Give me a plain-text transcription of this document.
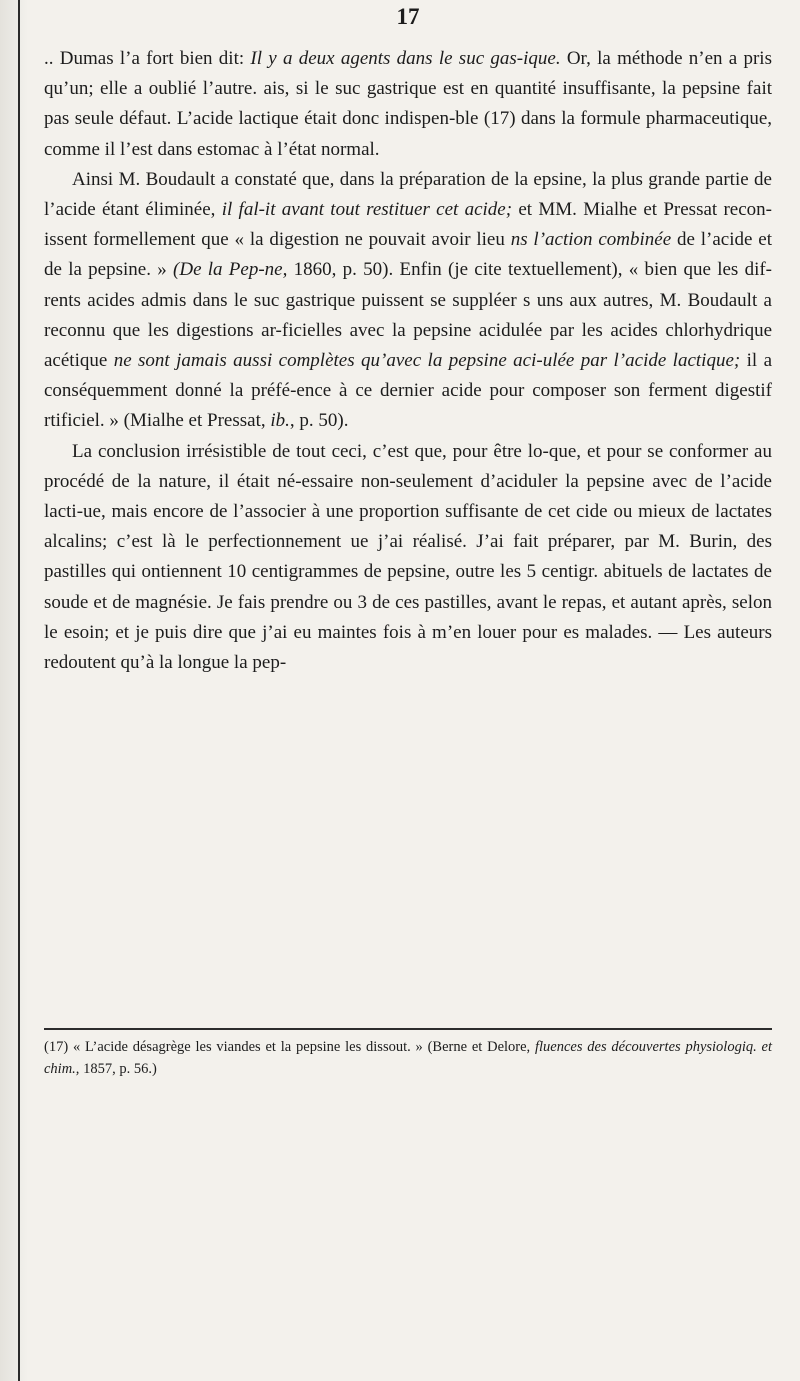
17

.. Dumas l’a fort bien dit: Il y a deux agents dans le suc gas-ique. Or, la méthode n’en a pris qu’un; elle a oublié l’autre. ais, si le suc gastrique est en quantité insuffisante, la pepsine fait pas seule défaut. L’acide lactique était donc indispen-ble (17) dans la formule pharmaceutique, comme il l’est dans estomac à l’état normal.

Ainsi M. Boudault a constaté que, dans la préparation de la epsine, la plus grande partie de l’acide étant éliminée, il fal-it avant tout restituer cet acide; et MM. Mialhe et Pressat recon-issent formellement que « la digestion ne pouvait avoir lieu ns l’action combinée de l’acide et de la pepsine. » (De la Pep-ne, 1860, p. 50). Enfin (je cite textuellement), « bien que les dif-rents acides admis dans le suc gastrique puissent se suppléer s uns aux autres, M. Boudault a reconnu que les digestions ar-ficielles avec la pepsine acidulée par les acides chlorhydrique acétique ne sont jamais aussi complètes qu’avec la pepsine aci-ulée par l’acide lactique; il a conséquemment donné la préfé-ence à ce dernier acide pour composer son ferment digestif rtificiel. » (Mialhe et Pressat, ib., p. 50).

La conclusion irrésistible de tout ceci, c’est que, pour être lo-que, et pour se conformer au procédé de la nature, il était né-essaire non-seulement d’aciduler la pepsine avec de l’acide lacti-ue, mais encore de l’associer à une proportion suffisante de cet cide ou mieux de lactates alcalins; c’est là le perfectionnement ue j’ai réalisé. J’ai fait préparer, par M. Burin, des pastilles qui ontiennent 10 centigrammes de pepsine, outre les 5 centigr. abituels de lactates de soude et de magnésie. Je fais prendre ou 3 de ces pastilles, avant le repas, et autant après, selon le esoin; et je puis dire que j’ai eu maintes fois à m’en louer pour es malades. — Les auteurs redoutent qu’à la longue la pep-

(17) « L’acide désagrège les viandes et la pepsine les dissout. » (Berne et Delore, fluences des découvertes physiologiq. et chim., 1857, p. 56.)
